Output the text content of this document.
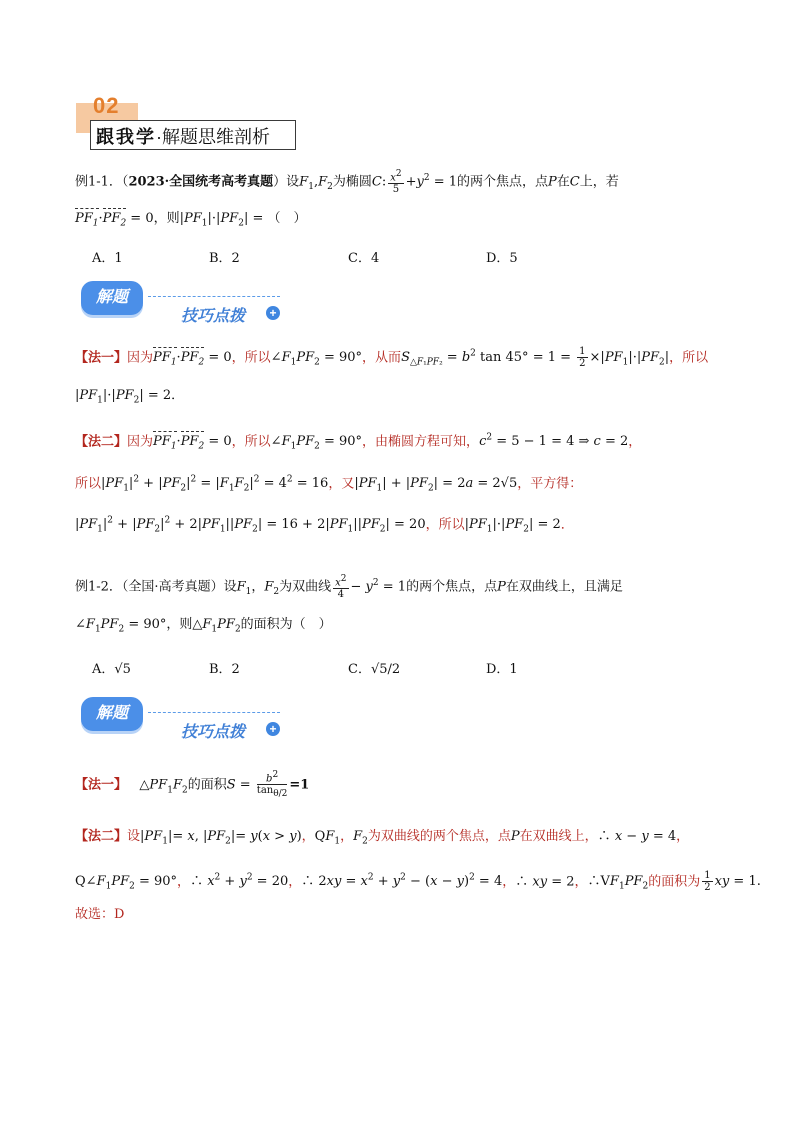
02
跟我学·解题思维剖析
例1-1．（2023·全国统考高考真题）设$F_1,F_2$为椭圆C: $\frac{x^2}{5} +y^2 = 1$的两个焦点，点P在C上，若
$PF_1\cdot PF_2 = 0$，则$|PF_1|\cdot|PF_2|$ = （　）
A．1	B．2	C．4	D．5
解题
技巧点拨 +
【法一】因为$PF_1\cdot PF_2 = 0$，所以$\angle F_1PF_2 = 90^\circ$，从而$S_{\triangle F_1PF_2} = b^2$ $\tan 45^\circ = 1 = \frac{1}{2} \times|PF_1|\cdot|PF_2|$，所以
$|PF_1|\cdot|PF_2| = 2$．
【法二】因为$PF_1\cdot PF_2 = 0$，所以$\angle F_1PF_2 = 90^\circ$，由椭圆方程可知，$c^2 = 5 - 1 = 4$ ⇒ c = 2，
所以$|PF_1|^2 + |PF_2|^2 = |F_1F_2|^2 = 4^2 = 16$，又$|PF_1| + |PF_2| = 2a = 2√5$，平方得：
$|PF_1|^2 + |PF_2|^2 + 2|PF_1||PF_2| = 16 + 2|PF_1||PF_2| = 20$，所以$|PF_1|\cdot|PF_2| = 2$．
例1-2．（全国·高考真题）设$F_1$，$F_2$为双曲线 $\frac{x^2}{4} - y^2 = 1$的两个焦点，点P在双曲线上，且满足
$\angle F_1PF_2 = 90^\circ$，则$\triangle F_1PF_2$的面积为（　）
A．√5	B．2	C．√5/2	D．1
解题
技巧点拨 +
【法一】 $\triangle PF_1F_2$的面积$S = \frac{b^2}{\tan_{\theta/2}} =1$
【法二】设$|PF_1|= x$, $|PF_2|= y(x > y)$，$QF_1$，$F_2$为双曲线的两个焦点，点P在双曲线上，∴ x − y = 4，
$Q\angle F_1PF_2 = 90^\circ$，∴ $x^2 + y^2 = 20$，∴ $2xy = x^2 + y^2 - (x - y)^2 = 4$，∴ xy = 2，$\therefore VF_1PF_2$的面积为 $\frac{1}{2}$ xy = 1.
故选：D
